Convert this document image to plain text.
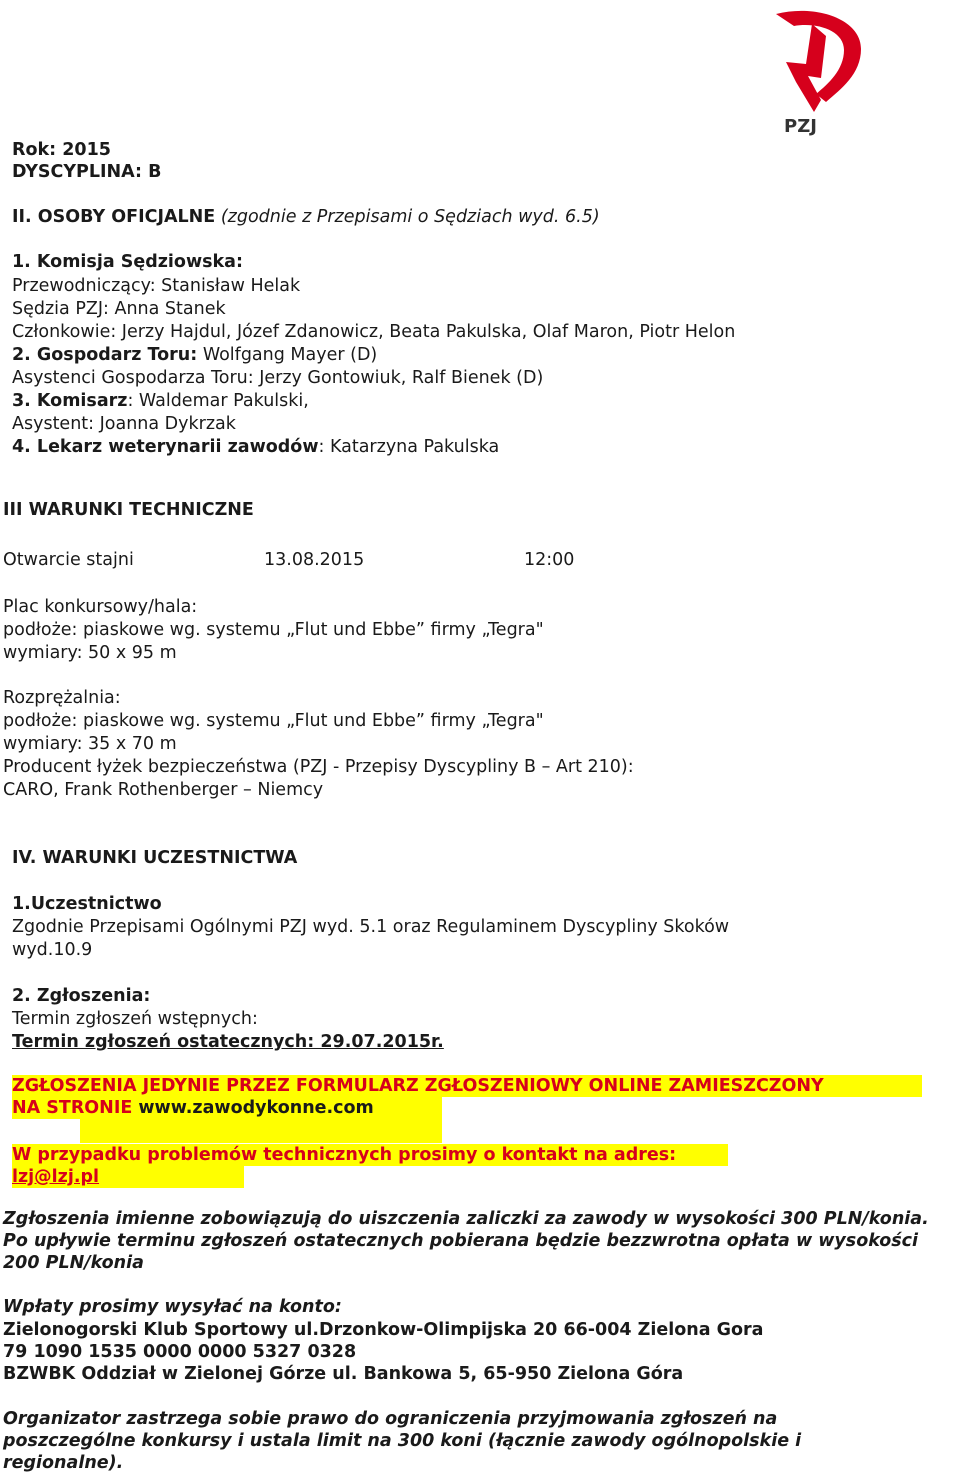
PZJ
Rok: 2015
DYSCYPLINA: B
II. OSOBY OFICJALNE (zgodnie z Przepisami o Sędziach wyd. 6.5)
1. Komisja Sędziowska:
Przewodniczący: Stanisław Helak
Sędzia PZJ: Anna Stanek
Członkowie: Jerzy Hajdul, Józef Zdanowicz, Beata Pakulska, Olaf Maron, Piotr Helon
2. Gospodarz Toru: Wolfgang Mayer (D)
Asystenci Gospodarza Toru: Jerzy Gontowiuk, Ralf Bienek (D)
3. Komisarz: Waldemar Pakulski,
Asystent: Joanna Dykrzak
4. Lekarz weterynarii zawodów: Katarzyna Pakulska
III WARUNKI TECHNICZNE
Otwarcie stajni	13.08.2015	12:00
Plac konkursowy/hala:
podłoże: piaskowe wg. systemu „Flut und Ebbe” firmy „Tegra"
wymiary: 50 x 95 m
Rozprężalnia:
podłoże: piaskowe wg. systemu „Flut und Ebbe” firmy „Tegra"
wymiary: 35 x 70 m
Producent łyżek bezpieczeństwa (PZJ - Przepisy Dyscypliny B – Art 210):
CARO, Frank Rothenberger – Niemcy
IV. WARUNKI UCZESTNICTWA
1.Uczestnictwo
Zgodnie Przepisami Ogólnymi PZJ wyd. 5.1 oraz Regulaminem Dyscypliny Skoków
wyd.10.9
2. Zgłoszenia:
Termin zgłoszeń wstępnych:
Termin zgłoszeń ostatecznych: 29.07.2015r.
ZGŁOSZENIA JEDYNIE PRZEZ FORMULARZ ZGŁOSZENIOWY ONLINE ZAMIESZCZONY
NA STRONIE www.zawodykonne.com
W przypadku problemów technicznych prosimy o kontakt na adres:
lzj@lzj.pl
Zgłoszenia imienne zobowiązują do uiszczenia zaliczki za zawody w wysokości 300 PLN/konia.
Po upływie terminu zgłoszeń ostatecznych pobierana będzie bezzwrotna opłata w wysokości
200 PLN/konia
Wpłaty prosimy wysyłać na konto:
Zielonogorski Klub Sportowy ul.Drzonkow-Olimpijska 20 66-004 Zielona Gora
79 1090 1535 0000 0000 5327 0328
BZWBK Oddział w Zielonej Górze ul. Bankowa 5, 65-950 Zielona Góra
Organizator zastrzega sobie prawo do ograniczenia przyjmowania zgłoszeń na
poszczególne konkursy i ustala limit na 300 koni (łącznie zawody ogólnopolskie i
regionalne).
